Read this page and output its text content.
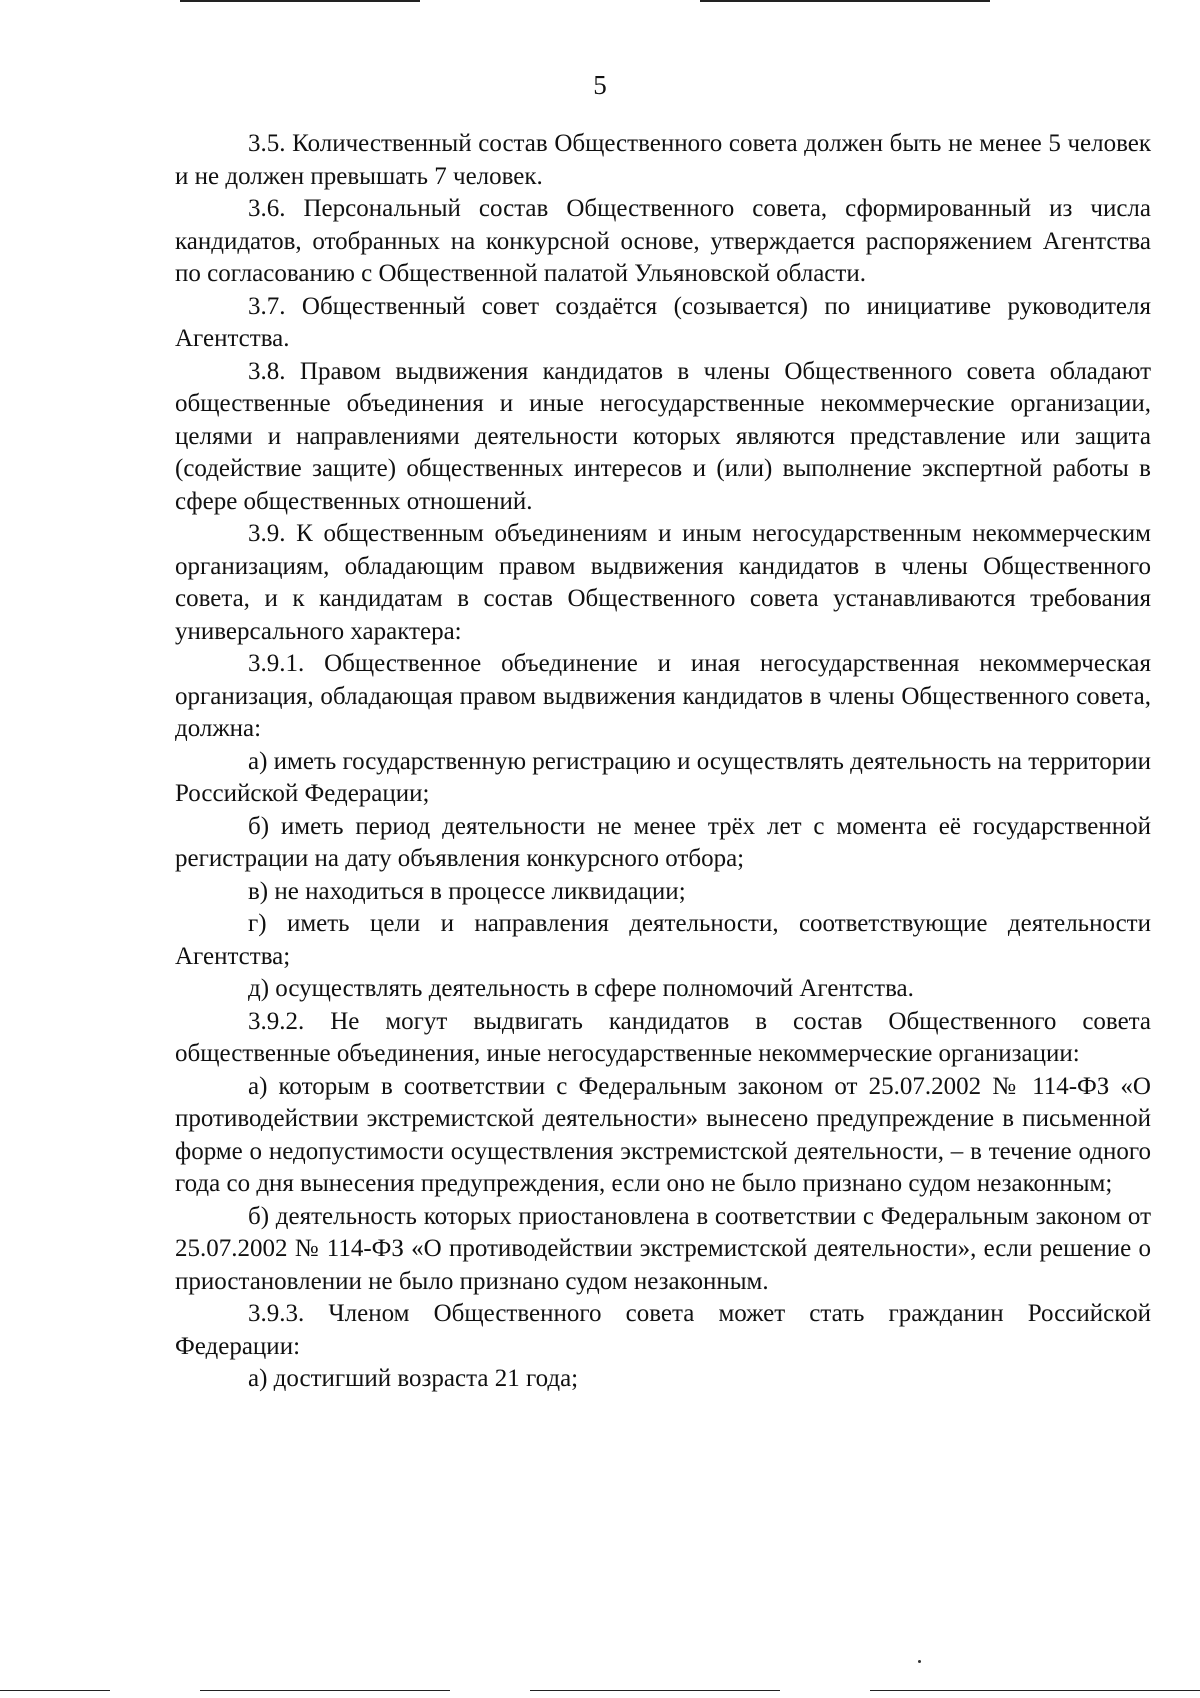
5

3.5. Количественный состав Общественного совета должен быть не менее 5 человек и не должен превышать 7 человек.

3.6. Персональный состав Общественного совета, сформированный из числа кандидатов, отобранных на конкурсной основе, утверждается распоряжением Агентства по согласованию с Общественной палатой Ульяновской области.

3.7. Общественный совет создаётся (созывается) по инициативе руководителя Агентства.

3.8. Правом выдвижения кандидатов в члены Общественного совета обладают общественные объединения и иные негосударственные некоммерческие организации, целями и направлениями деятельности которых являются представление или защита (содействие защите) общественных интересов и (или) выполнение экспертной работы в сфере общественных отношений.

3.9. К общественным объединениям и иным негосударственным некоммерческим организациям, обладающим правом выдвижения кандидатов в члены Общественного совета, и к кандидатам в состав Общественного совета устанавливаются требования универсального характера:

3.9.1. Общественное объединение и иная негосударственная некоммерческая организация, обладающая правом выдвижения кандидатов в члены Общественного совета, должна:

а) иметь государственную регистрацию и осуществлять деятельность на территории Российской Федерации;

б) иметь период деятельности не менее трёх лет с момента её государственной регистрации на дату объявления конкурсного отбора;

в) не находиться в процессе ликвидации;

г) иметь цели и направления деятельности, соответствующие деятельности Агентства;

д) осуществлять деятельность в сфере полномочий Агентства.

3.9.2. Не могут выдвигать кандидатов в состав Общественного совета общественные объединения, иные негосударственные некоммерческие организации:

а) которым в соответствии с Федеральным законом от 25.07.2002 № 114-ФЗ «О противодействии экстремистской деятельности» вынесено предупреждение в письменной форме о недопустимости осуществления экстремистской деятельности, – в течение одного года со дня вынесения предупреждения, если оно не было признано судом незаконным;

б) деятельность которых приостановлена в соответствии с Федеральным законом от 25.07.2002 № 114-ФЗ «О противодействии экстремистской деятельности», если решение о приостановлении не было признано судом незаконным.

3.9.3. Членом Общественного совета может стать гражданин Российской Федерации:

а) достигший возраста 21 года;
